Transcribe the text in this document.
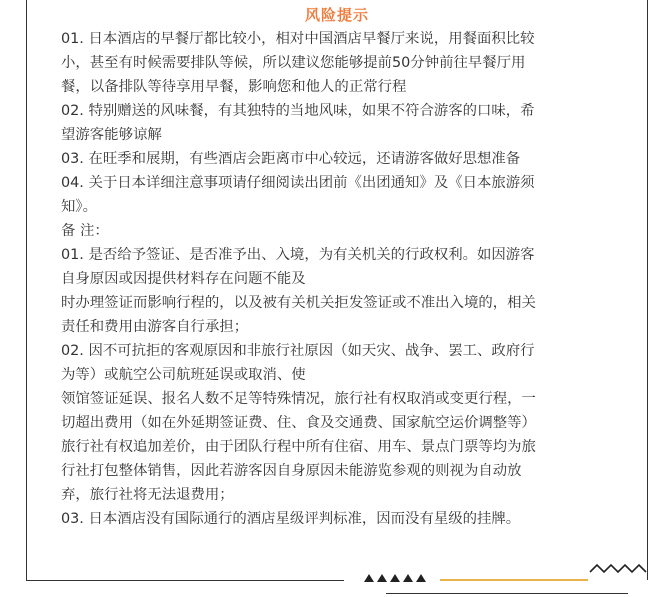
风险提示

01. 日本酒店的早餐厅都比较小，相对中国酒店早餐厅来说，用餐面积比较

小，甚至有时候需要排队等候，所以建议您能够提前50分钟前往早餐厅用

餐，以备排队等待享用早餐，影响您和他人的正常行程

02. 特别赠送的风味餐，有其独特的当地风味，如果不符合游客的口味，希

望游客能够谅解

03. 在旺季和展期，有些酒店会距离市中心较远，还请游客做好思想准备

04. 关于日本详细注意事项请仔细阅读出团前《出团通知》及《日本旅游须

知》。

备 注：

01. 是否给予签证、是否准予出、入境，为有关机关的行政权利。如因游客

自身原因或因提供材料存在问题不能及

时办理签证而影响行程的，以及被有关机关拒发签证或不准出入境的，相关

责任和费用由游客自行承担；

02. 因不可抗拒的客观原因和非旅行社原因（如天灾、战争、罢工、政府行

为等）或航空公司航班延误或取消、使

领馆签证延误、报名人数不足等特殊情况，旅行社有权取消或变更行程，一

切超出费用（如在外延期签证费、住、食及交通费、国家航空运价调整等）

旅行社有权追加差价，由于团队行程中所有住宿、用车、景点门票等均为旅

行社打包整体销售，因此若游客因自身原因未能游览参观的则视为自动放

弃，旅行社将无法退费用；

03. 日本酒店没有国际通行的酒店星级评判标准，因而没有星级的挂牌。
